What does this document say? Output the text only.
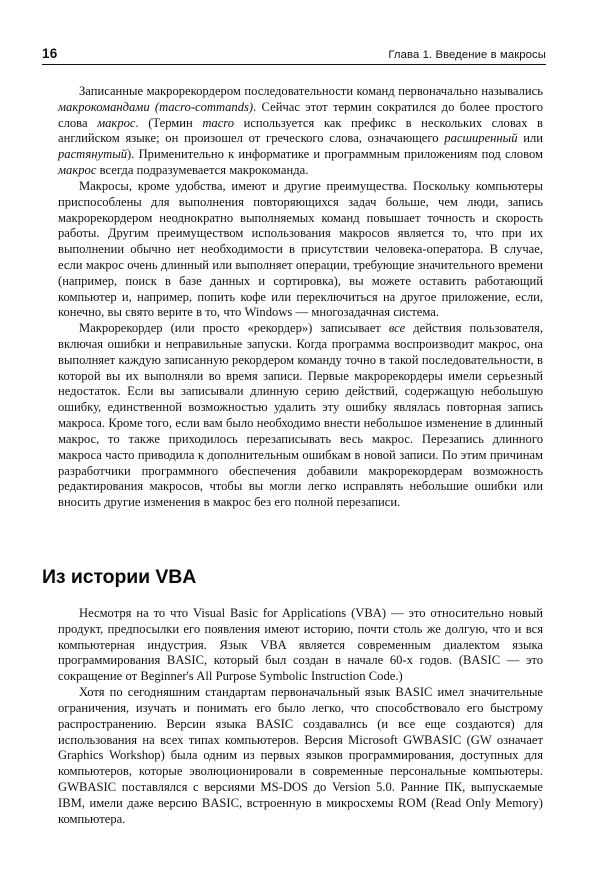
16	Глава 1. Введение в макросы

Записанные макрорекордером последовательности команд первоначально назывались макрокомандами (macro-commands). Сейчас этот термин сократился до более простого слова макрос. (Термин macro используется как префикс в нескольких словах в английском языке; он произошел от греческого слова, означающего расширенный или растянутый). Применительно к информатике и программным приложениям под словом макрос всегда подразумевается макрокоманда.

Макросы, кроме удобства, имеют и другие преимущества. Поскольку компьютеры приспособлены для выполнения повторяющихся задач больше, чем люди, запись макрорекордером неоднократно выполняемых команд повышает точность и скорость работы. Другим преимуществом использования макросов является то, что при их выполнении обычно нет необходимости в присутствии человека-оператора. В случае, если макрос очень длинный или выполняет операции, требующие значительного времени (например, поиск в базе данных и сортировка), вы можете оставить работающий компьютер и, например, попить кофе или переключиться на другое приложение, если, конечно, вы свято верите в то, что Windows — многозадачная система.

Макрорекордер (или просто «рекордер») записывает все действия пользователя, включая ошибки и неправильные запуски. Когда программа воспроизводит макрос, она выполняет каждую записанную рекордером команду точно в такой последовательности, в которой вы их выполняли во время записи. Первые макрорекордеры имели серьезный недостаток. Если вы записывали длинную серию действий, содержащую небольшую ошибку, единственной возможностью удалить эту ошибку являлась повторная запись макроса. Кроме того, если вам было необходимо внести небольшое изменение в длинный макрос, то также приходилось перезаписывать весь макрос. Перезапись длинного макроса часто приводила к дополнительным ошибкам в новой записи. По этим причинам разработчики программного обеспечения добавили макрорекордерам возможность редактирования макросов, чтобы вы могли легко исправлять небольшие ошибки или вносить другие изменения в макрос без его полной перезаписи.

Из истории VBA

Несмотря на то что Visual Basic for Applications (VBA) — это относительно новый продукт, предпосылки его появления имеют историю, почти столь же долгую, что и вся компьютерная индустрия. Язык VBA является современным диалектом языка программирования BASIC, который был создан в начале 60-х годов. (BASIC — это сокращение от Beginner's All Purpose Symbolic Instruction Code.)

Хотя по сегодняшним стандартам первоначальный язык BASIC имел значительные ограничения, изучать и понимать его было легко, что способствовало его быстрому распространению. Версии языка BASIC создавались (и все еще создаются) для использования на всех типах компьютеров. Версия Microsoft GWBASIC (GW означает Graphics Workshop) была одним из первых языков программирования, доступных для компьютеров, которые эволюционировали в современные персональные компьютеры. GWBASIC поставлялся с версиями MS-DOS до Version 5.0. Ранние ПК, выпускаемые IBM, имели даже версию BASIC, встроенную в микросхемы ROM (Read Only Memory) компьютера.
